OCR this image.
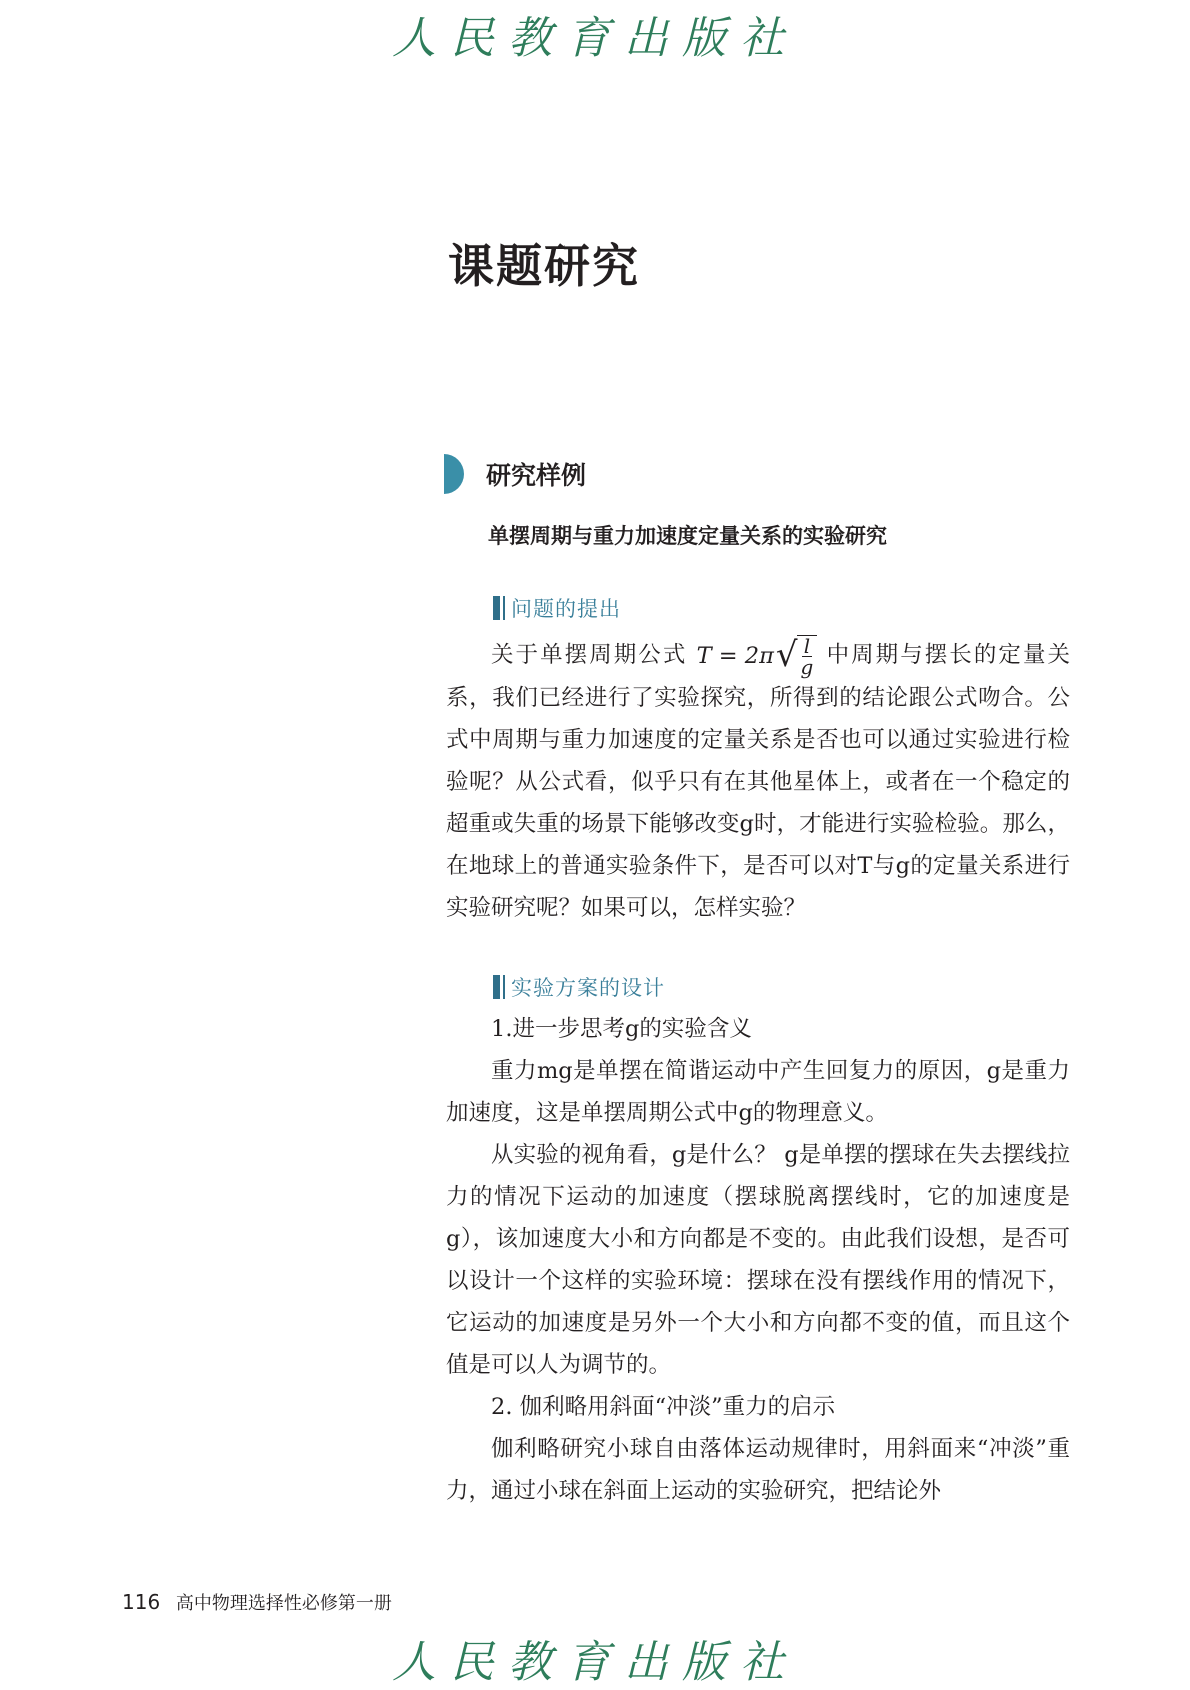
人民教育出版社
课题研究
研究样例
单摆周期与重力加速度定量关系的实验研究
问题的提出

关于单摆周期公式 T = 2π √ $\frac{l}{g}$ 中周期与摆长的定量关系，我们已经进行了实验探究，所得到的结论跟公式吻合。公式中周期与重力加速度的定量关系是否也可以通过实验进行检验呢？从公式看，似乎只有在其他星体上，或者在一个稳定的超重或失重的场景下能够改变g时，才能进行实验检验。那么，在地球上的普通实验条件下，是否可以对T与g的定量关系进行实验研究呢？如果可以，怎样实验？

实验方案的设计

1.进一步思考g的实验含义

重力mg是单摆在简谐运动中产生回复力的原因，g是重力加速度，这是单摆周期公式中g的物理意义。

从实验的视角看，g是什么？ g是单摆的摆球在失去摆线拉力的情况下运动的加速度（摆球脱离摆线时，它的加速度是g），该加速度大小和方向都是不变的。由此我们设想，是否可以设计一个这样的实验环境：摆球在没有摆线作用的情况下，它运动的加速度是另外一个大小和方向都不变的值，而且这个值是可以人为调节的。

2. 伽利略用斜面“冲淡”重力的启示

伽利略研究小球自由落体运动规律时，用斜面来“冲淡”重力，通过小球在斜面上运动的实验研究，把结论外

116 高中物理选择性必修第一册
人民教育出版社
